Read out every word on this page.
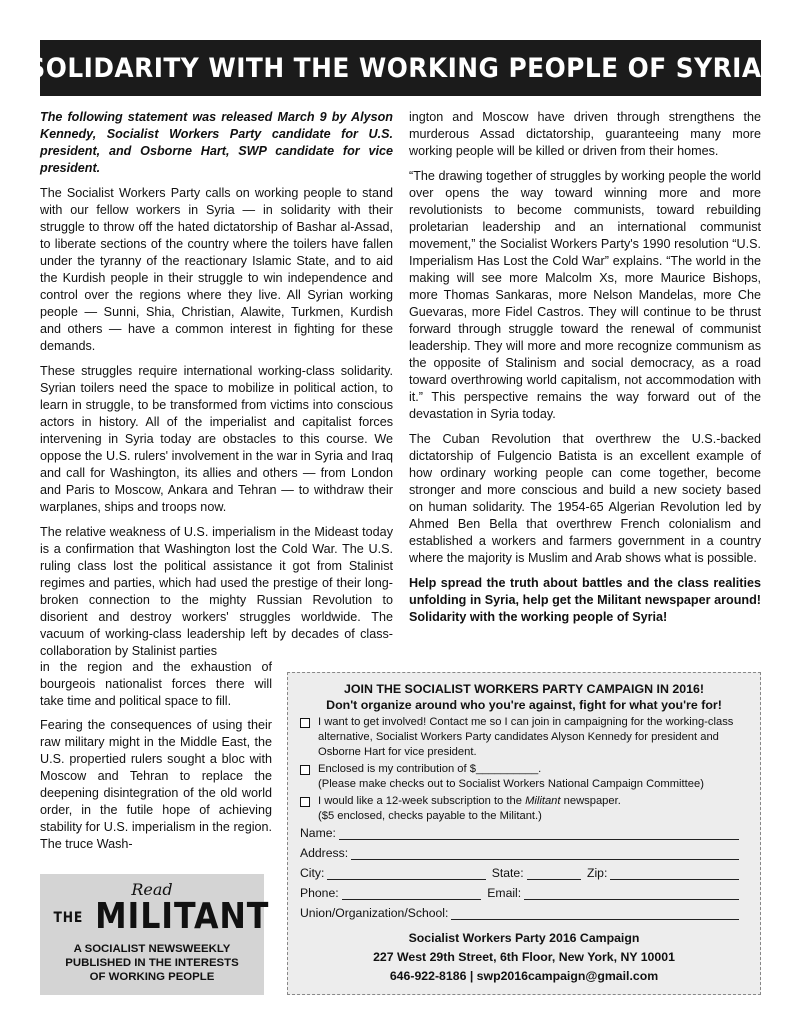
SOLIDARITY WITH THE WORKING PEOPLE OF SYRIA!

The following statement was released March 9 by Alyson Kennedy, Socialist Workers Party candidate for U.S. president, and Osborne Hart, SWP candidate for vice president.

The Socialist Workers Party calls on working people to stand with our fellow workers in Syria — in solidarity with their struggle to throw off the hated dictatorship of Bashar al-Assad, to liberate sections of the country where the toilers have fallen under the tyranny of the reactionary Islamic State, and to aid the Kurdish people in their struggle to win independence and control over the regions where they live. All Syrian working people — Sunni, Shia, Christian, Alawite, Turkmen, Kurdish and others — have a common interest in fighting for these demands.

These struggles require international working-class solidarity. Syrian toilers need the space to mobilize in political action, to learn in struggle, to be transformed from victims into conscious actors in history. All of the imperialist and capitalist forces intervening in Syria today are obstacles to this course. We oppose the U.S. rulers' involvement in the war in Syria and Iraq and call for Washington, its allies and others — from London and Paris to Moscow, Ankara and Tehran — to withdraw their warplanes, ships and troops now.

The relative weakness of U.S. imperialism in the Mideast today is a confirmation that Washington lost the Cold War. The U.S. ruling class lost the political assistance it got from Stalinist regimes and parties, which had used the prestige of their long-broken connection to the mighty Russian Revolution to disorient and destroy workers' struggles worldwide. The vacuum of working-class leadership left by decades of class-collaboration by Stalinist parties

in the region and the exhaustion of bourgeois nationalist forces there will take time and political space to fill.

Fearing the consequences of using their raw military might in the Middle East, the U.S. propertied rulers sought a bloc with Moscow and Tehran to replace the deepening disintegration of the old world order, in the futile hope of achieving stability for U.S. imperialism in the region. The truce Wash-

ington and Moscow have driven through strengthens the murderous Assad dictatorship, guaranteeing many more working people will be killed or driven from their homes.

“The drawing together of struggles by working people the world over opens the way toward winning more and more revolutionists to become communists, toward rebuilding proletarian leadership and an international communist movement,” the Socialist Workers Party's 1990 resolution “U.S. Imperialism Has Lost the Cold War” explains. “The world in the making will see more Malcolm Xs, more Maurice Bishops, more Thomas Sankaras, more Nelson Mandelas, more Che Guevaras, more Fidel Castros. They will continue to be thrust forward through struggle toward the renewal of communist leadership. They will more and more recognize communism as the opposite of Stalinism and social democracy, as a road toward overthrowing world capitalism, not accommodation with it.” This perspective remains the way forward out of the devastation in Syria today.

The Cuban Revolution that overthrew the U.S.-backed dictatorship of Fulgencio Batista is an excellent example of how ordinary working people can come together, become stronger and more conscious and build a new society based on human solidarity. The 1954-65 Algerian Revolution led by Ahmed Ben Bella that overthrew French colonialism and established a workers and farmers government in a country where the majority is Muslim and Arab shows what is possible.

Help spread the truth about battles and the class realities unfolding in Syria, help get the Militant newspaper around! Solidarity with the working people of Syria!

Read
THE MILITANT
A SOCIALIST NEWSWEEKLY
PUBLISHED IN THE INTERESTS
OF WORKING PEOPLE
JOIN THE SOCIALIST WORKERS PARTY CAMPAIGN IN 2016!
Don't organize around who you're against, fight for what you're for!
I want to get involved! Contact me so I can join in campaigning for the working-class alternative, Socialist Workers Party candidates Alyson Kennedy for president and Osborne Hart for vice president.
Enclosed is my contribution of $__________.
(Please make checks out to Socialist Workers National Campaign Committee)
I would like a 12-week subscription to the Militant newspaper.
($5 enclosed, checks payable to the Militant.)
Name:
Address:
City:	State:	Zip:
Phone:	Email:
Union/Organization/School:
Socialist Workers Party 2016 Campaign
227 West 29th Street, 6th Floor, New York, NY 10001
646-922-8186 | swp2016campaign@gmail.com
